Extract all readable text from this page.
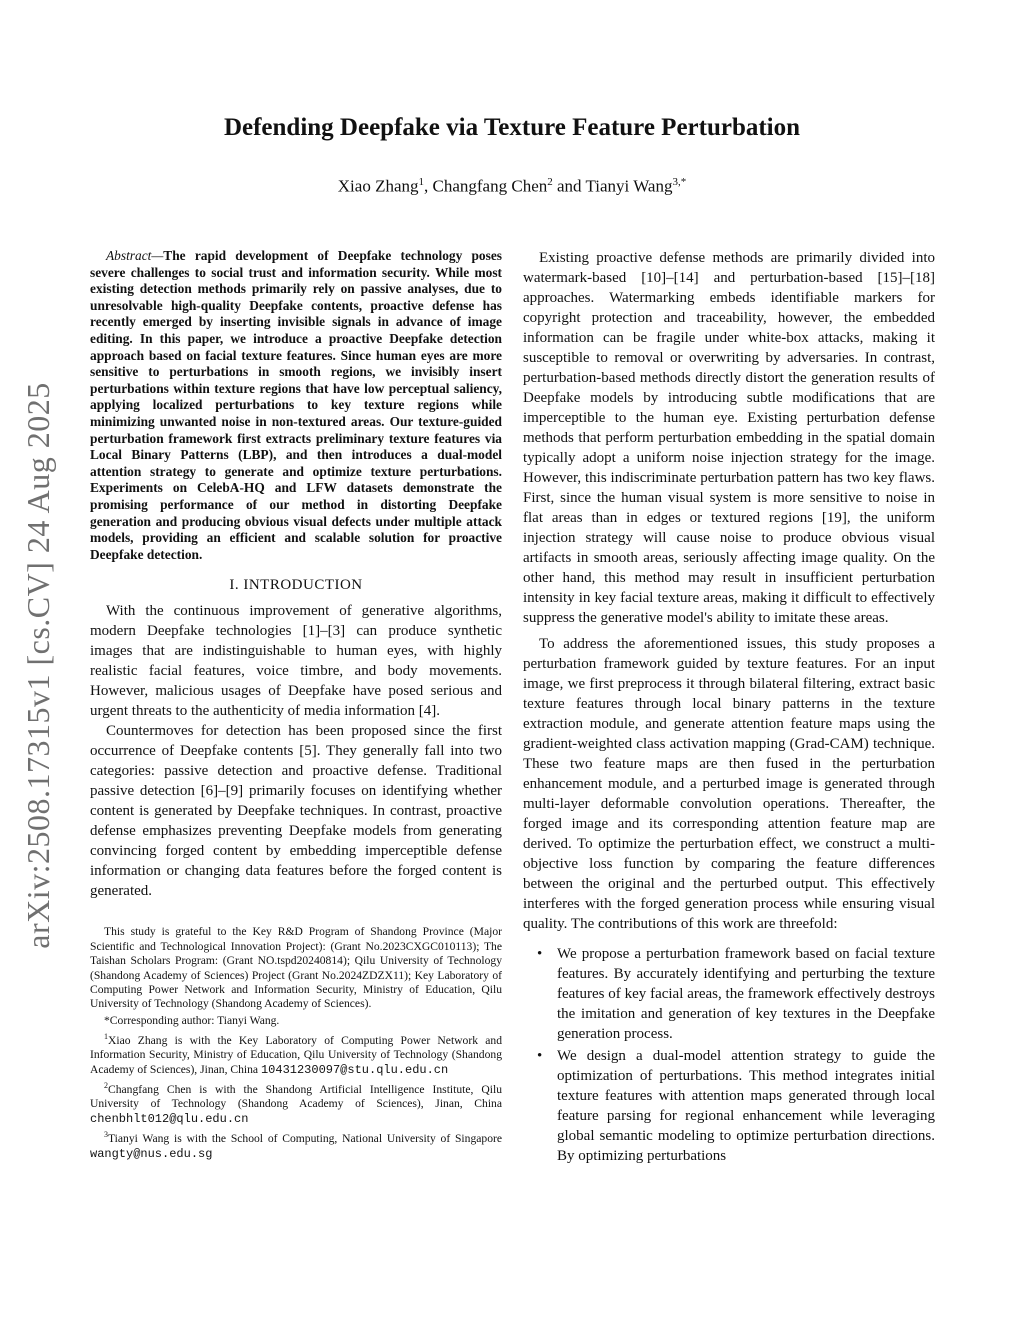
arXiv:2508.17315v1 [cs.CV] 24 Aug 2025
Defending Deepfake via Texture Feature Perturbation
Xiao Zhang$^1$, Changfang Chen$^2$ and Tianyi Wang$^{3,*}$

Abstract—The rapid development of Deepfake technology poses severe challenges to social trust and information security. While most existing detection methods primarily rely on passive analyses, due to unresolvable high-quality Deepfake contents, proactive defense has recently emerged by inserting invisible signals in advance of image editing. In this paper, we introduce a proactive Deepfake detection approach based on facial texture features. Since human eyes are more sensitive to perturbations in smooth regions, we invisibly insert perturbations within texture regions that have low perceptual saliency, applying localized perturbations to key texture regions while minimizing unwanted noise in non-textured areas. Our texture-guided perturbation framework first extracts preliminary texture features via Local Binary Patterns (LBP), and then introduces a dual-model attention strategy to generate and optimize texture perturbations. Experiments on CelebA-HQ and LFW datasets demonstrate the promising performance of our method in distorting Deepfake generation and producing obvious visual defects under multiple attack models, providing an efficient and scalable solution for proactive Deepfake detection.

I. INTRODUCTION

With the continuous improvement of generative algorithms, modern Deepfake technologies [1]–[3] can produce synthetic images that are indistinguishable to human eyes, with highly realistic facial features, voice timbre, and body movements. However, malicious usages of Deepfake have posed serious and urgent threats to the authenticity of media information [4].

Countermoves for detection has been proposed since the first occurrence of Deepfake contents [5]. They generally fall into two categories: passive detection and proactive defense. Traditional passive detection [6]–[9] primarily focuses on identifying whether content is generated by Deepfake techniques. In contrast, proactive defense emphasizes preventing Deepfake models from generating convincing forged content by embedding imperceptible defense information or changing data features before the forged content is generated.

This study is grateful to the Key R&D Program of Shandong Province (Major Scientific and Technological Innovation Project): (Grant No.2023CXGC010113); The Taishan Scholars Program: (Grant NO.tspd20240814); Qilu University of Technology (Shandong Academy of Sciences) Project (Grant No.2024ZDZX11); Key Laboratory of Computing Power Network and Information Security, Ministry of Education, Qilu University of Technology (Shandong Academy of Sciences).

*Corresponding author: Tianyi Wang.

$^1$Xiao Zhang is with the Key Laboratory of Computing Power Network and Information Security, Ministry of Education, Qilu University of Technology (Shandong Academy of Sciences), Jinan, China 10431230097@stu.qlu.edu.cn

$^2$Changfang Chen is with the Shandong Artificial Intelligence Institute, Qilu University of Technology (Shandong Academy of Sciences), Jinan, China chenbhlt012@qlu.edu.cn

$^3$Tianyi Wang is with the School of Computing, National University of Singapore wangty@nus.edu.sg

Existing proactive defense methods are primarily divided into watermark-based [10]–[14] and perturbation-based [15]–[18] approaches. Watermarking embeds identifiable markers for copyright protection and traceability, however, the embedded information can be fragile under white-box attacks, making it susceptible to removal or overwriting by adversaries. In contrast, perturbation-based methods directly distort the generation results of Deepfake models by introducing subtle modifications that are imperceptible to the human eye. Existing perturbation defense methods that perform perturbation embedding in the spatial domain typically adopt a uniform noise injection strategy for the image. However, this indiscriminate perturbation pattern has two key flaws. First, since the human visual system is more sensitive to noise in flat areas than in edges or textured regions [19], the uniform injection strategy will cause noise to produce obvious visual artifacts in smooth areas, seriously affecting image quality. On the other hand, this method may result in insufficient perturbation intensity in key facial texture areas, making it difficult to effectively suppress the generative model's ability to imitate these areas.

To address the aforementioned issues, this study proposes a perturbation framework guided by texture features. For an input image, we first preprocess it through bilateral filtering, extract basic texture features through local binary patterns in the texture extraction module, and generate attention feature maps using the gradient-weighted class activation mapping (Grad-CAM) technique. These two feature maps are then fused in the perturbation enhancement module, and a perturbed image is generated through multi-layer deformable convolution operations. Thereafter, the forged image and its corresponding attention feature map are derived. To optimize the perturbation effect, we construct a multi-objective loss function by comparing the feature differences between the original and the perturbed output. This effectively interferes with the forged generation process while ensuring visual quality. The contributions of this work are threefold:

• We propose a perturbation framework based on facial texture features. By accurately identifying and perturbing the texture features of key facial areas, the framework effectively destroys the imitation and generation of key textures in the Deepfake generation process.
• We design a dual-model attention strategy to guide the optimization of perturbations. This method integrates initial texture features with attention maps generated through local feature parsing for regional enhancement while leveraging global semantic modeling to optimize perturbation directions. By optimizing perturbations
